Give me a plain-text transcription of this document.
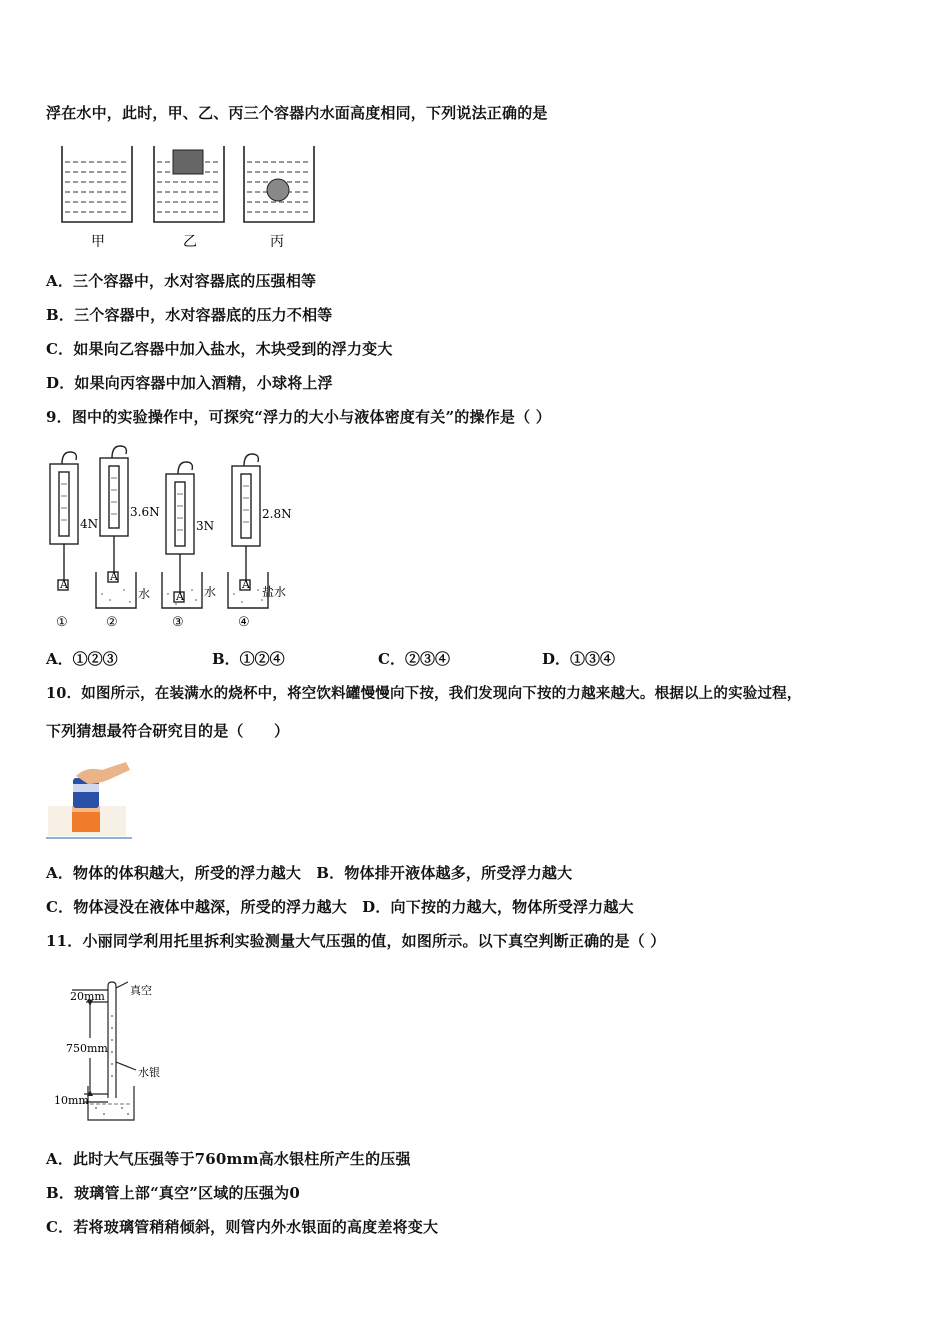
浮在水中，此时，甲、乙、丙三个容器内水面高度相同，下列说法正确的是
甲	乙	丙
A．三个容器中，水对容器底的压强相等
B．三个容器中，水对容器底的压力不相等
C．如果向乙容器中加入盐水，木块受到的浮力变大
D．如果向丙容器中加入酒精，小球将上浮
9．图中的实验操作中，可探究“浮力的大小与液体密度有关”的操作是（ ）
A
A
A
A
4N
3.6N
3N
2.8N
水	水	盐水
①	②	③	④
A．①②③	B．①②④	C．②③④	D．①③④
10．如图所示，在装满水的烧杯中，将空饮料罐慢慢向下按，我们发现向下按的力越来越大。根据以上的实验过程，
下列猜想最符合研究目的是（　　）
A．物体的体积越大，所受的浮力越大　B．物体排开液体越多，所受浮力越大
C．物体浸没在液体中越深，所受的浮力越大　D．向下按的力越大，物体所受浮力越大
11．小丽同学利用托里拆利实验测量大气压强的值，如图所示。以下真空判断正确的是（ ）
20mm
750mm
10mm
真空
水银
A．此时大气压强等于760mm高水银柱所产生的压强
B．玻璃管上部“真空”区域的压强为0
C．若将玻璃管稍稍倾斜，则管内外水银面的高度差将变大
